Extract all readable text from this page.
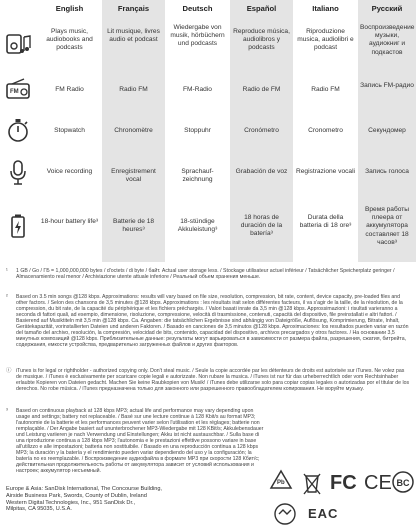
FM
English
Plays music, audiobooks and podcasts
FM Radio
Stopwatch
Voice recording
18-hour battery life³
Français
Lit musique, livres audio et podcast
Radio FM
Chronomètre
Enregistrement vocal
Batterie de 18 heures³
Deutsch
Wiedergabe von musik, hörbüchern und podcasts
FM-Radio
Stoppuhr
Sprachauf-zeichnung
18-stündige Akkuleistung³
Español
Reproduce música, audiolibros y podcasts
Radio de FM
Cronómetro
Grabación de voz
18 horas de duración de la batería³
Italiano
Riproduzione musica, audiolibri e podcast
Radio FM
Cronometro
Registrazione vocali
Durata della batteria di 18 ore³
Русский
Воспроизведение музыки, аудиокниг и подкастов
Запись FM-радио
Секундомер
Запись голоса
Время работы плеера от аккумулятора составляет 18 часов³
¹ 1 GB / Go / ГБ = 1,000,000,000 bytes / d'octets / di byte / бaйт. Actual user storage less. / Stockage utilisateur actuel inférieur / Tatsächlicher Speicherplatz geringer / Almacenamiento real menor / Archiviazione utente attuale inferiore / Реальный объем хранения меньше.
² Based on 3.5 min songs @128 kbps. Approximations: results will vary based on file size, resolution, compression, bit rate, content, device capacity, pre-loaded files and other factors. / Selon des chansons de 3,5 minutes @128 kbps. Approximations : les résultats irait selon différentes facteurs, il va s'agir de la taille, de la résolution, de la compression, du bit rate, de la capacité du périphérique et les fichiers préchargés. / Valori basati inrate da 3,5 min @128 kbps. Approssimazioni: i risultati varieranno a seconda di fattori quali, ad esempio, dimensione, risoluzione, compressione, velocità di trasmissione, contenuti, capacità del dispositivo, file preinstallati e altri fattori. / Basierend auf Musiktiteln mit 3,5 min @128 kbps. Ca. Angaben: die tatsächlichen Ergebnisse sind abhängig von Dateigröße, Auflösung, Komprimierung, Bitrate, Inhalt, Gerätekapazität, vorinstallierten Dateien und anderen Faktoren. / Basado en canciones de 3,5 minutos @128 kbps. Aproximaciones: los resultados pueden variar en razón del tamaño del archivo, resolución, la compresión, velocidad de bits, contenido, capacidad del dispositivo, archivos precargados y otros factores. / На основании 3,5 минутных композиций @128 kbps. Приблизительные данные: результаты могут варьироваться в зависимости от размера файла, разрешения, сжатия, битрейта, содержания, емкости устройства, предварительно загруженных файлов и других факторов.
ⓘ iTunes is for legal or rightholder - authorized copying only. Don't steal music. / Seule la copie accordée par les détenteurs de droits est autorisée sur iTunes. Ne volez pas de musique. / iTunes è esclusivamente per scaricare copie legali e autorizzate. Non rubare la musica. / iTunes ist nur für das urheberrechtlich oder vom Rechtsinhaber erlaubte Kopieren von Dateien gedacht. Machen Sie keine Raubkopien von Musik! / iTunes debe utilizarse solo para copiar copias legales o autorizadas por el titular de los derechos. No robe música. / iTunes предназначена только для законного или разрешенного правообладателем копирования. Не воруйте музыку.
³ Based on continuous playback at 128 kbps MP3; actual life and performance may vary depending upon usage and settings; battery not replaceable. / Basé sur une lecture continue à 128 Kbit/s au format MP3; l'autonomie de la batterie et les performances peuvent varier selon l'utilisation et les réglages; batterie non remplaçable. / Der Angabe basiert auf ununterbrochener MP3-Wiedergabe mit 128 KBit/s; Akkulebensdauer und Leistung variieren je nach Verwendung und Einstellungen; Akku ist nicht austauschbar. / Sulla base di una riproduzione continua a 128 kbps MP3; l'autonomia e le prestazioni effettive possono variare in base all'utilizzo e alle impostazioni; batteria non sostituibile. / Basado en una reproducción continua a 128 kbps MP3; la duración y la batería y el rendimiento pueden variar dependiendo del uso y la configuración; la batería no es reemplazable. / Воспроизведение аудиофайла в формате MP3 при скорости 128 Кбит/с; действительная продолжительность работы от аккумулятора зависит от условий использования и настроек; аккумулятор несъемный.
Europe & Asia: SanDisk International, The Concourse Building,
Airside Business Park, Swords, County of Dublin, Ireland
Western Digital Technologies, Inc., 951 SanDisk Dr.,
Milpitas, CA 95035, U.S.A.
Pb FC CE BC
EAC
